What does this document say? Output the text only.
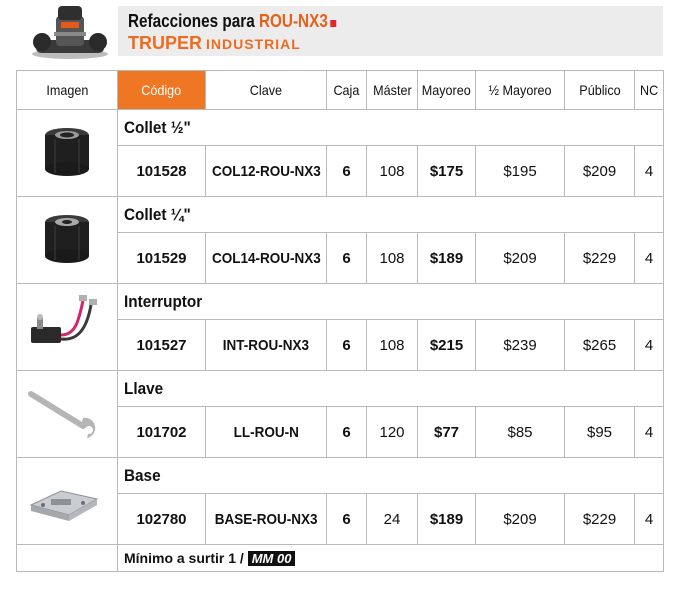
Refacciones para ROU-NX3
TRUPER INDUSTRIAL
Imagen	Código	Clave	Caja	Máster	Mayoreo	½ Mayoreo	Público	NC

	Collet ½"							
	101528	COL12-ROU-NX3	6	108	$175	$195	$209	4

	Collet ¼"							
	101529	COL14-ROU-NX3	6	108	$189	$209	$229	4

	Interruptor							
	101527	INT-ROU-NX3	6	108	$215	$239	$265	4

	Llave							
	101702	LL-ROU-N	6	120	$77	$85	$95	4

	Base							
	102780	BASE-ROU-NX3	6	24	$189	$209	$229	4
	Mínimo a surtir 1 / MM 00							
